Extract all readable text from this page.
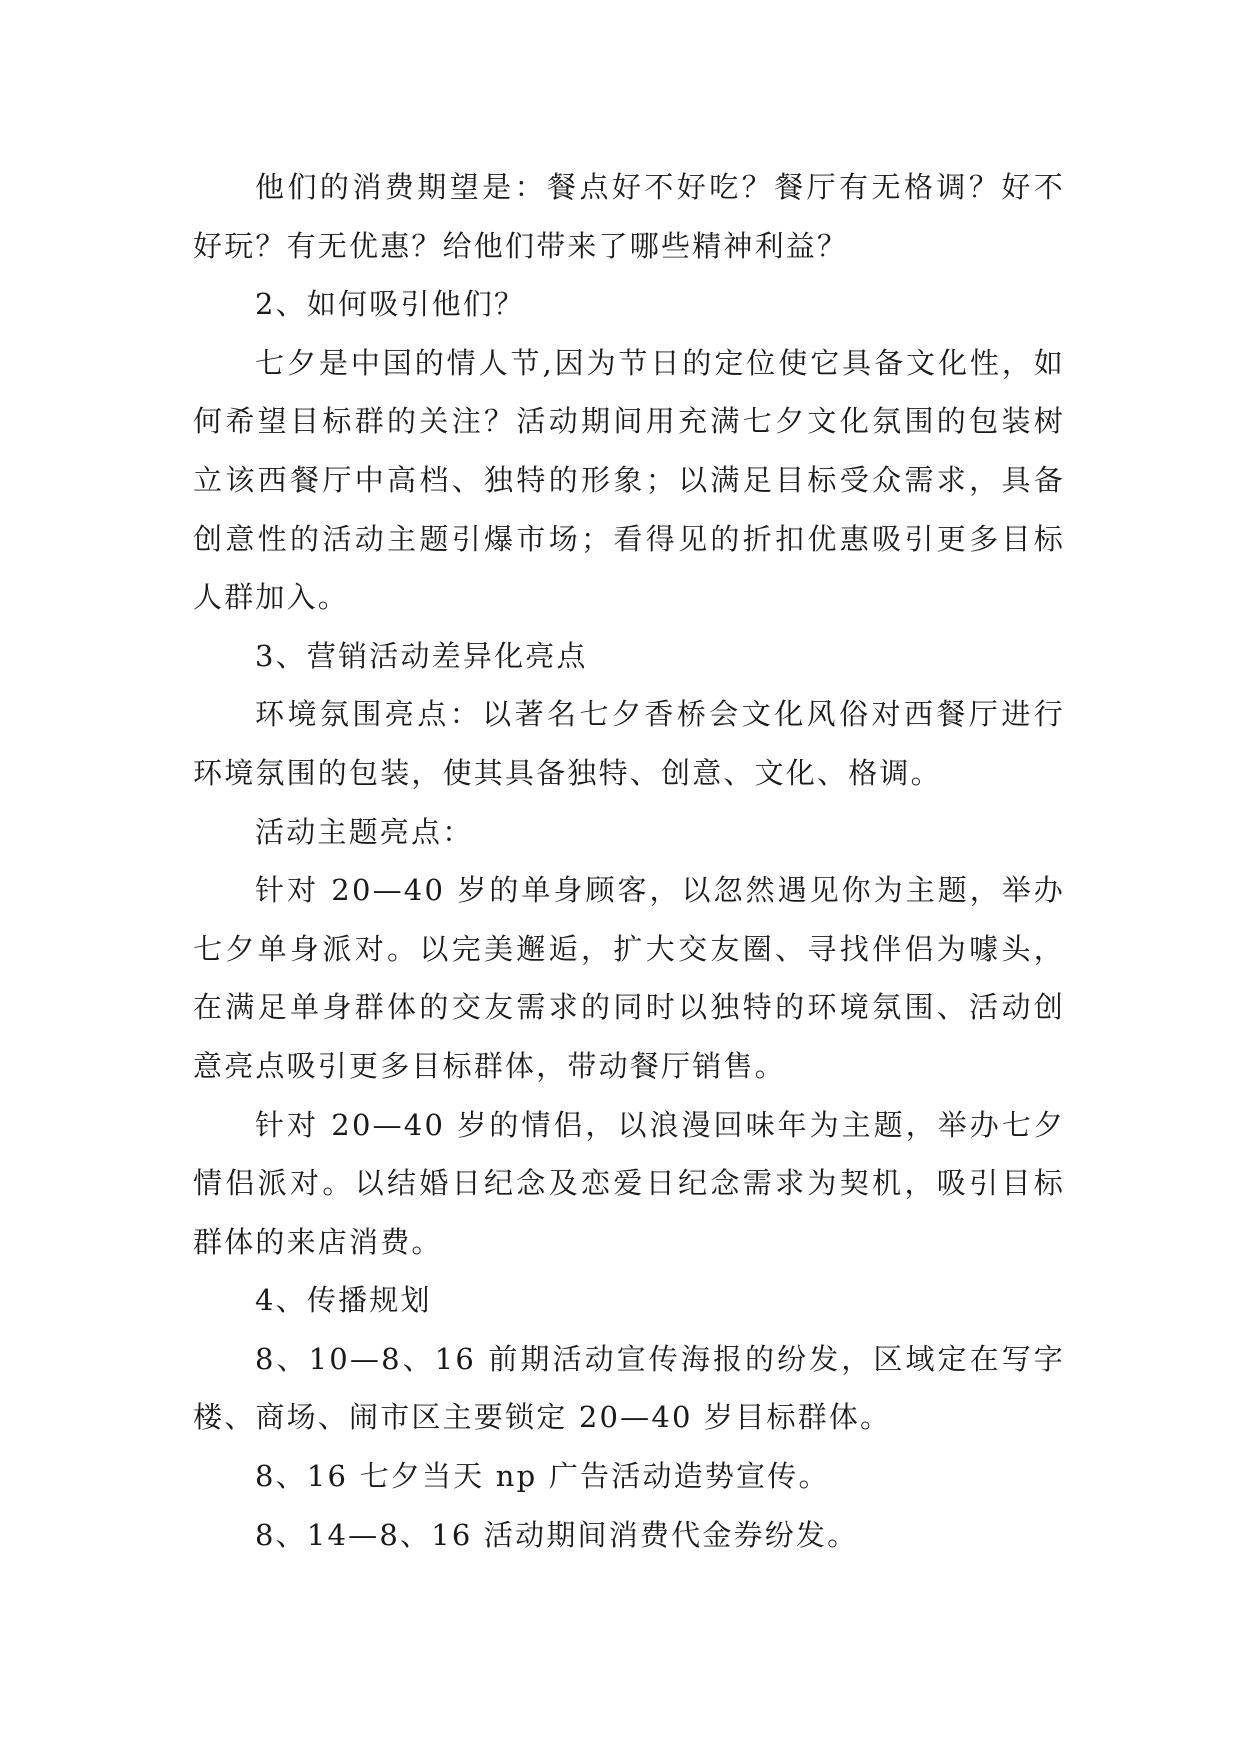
他们的消费期望是：餐点好不好吃？餐厅有无格调？好不好玩？有无优惠？给他们带来了哪些精神利益？

2、如何吸引他们？

七夕是中国的情人节,因为节日的定位使它具备文化性，如何希望目标群的关注？活动期间用充满七夕文化氛围的包装树立该西餐厅中高档、独特的形象；以满足目标受众需求，具备创意性的活动主题引爆市场；看得见的折扣优惠吸引更多目标人群加入。

3、营销活动差异化亮点

环境氛围亮点：以著名七夕香桥会文化风俗对西餐厅进行环境氛围的包装，使其具备独特、创意、文化、格调。

活动主题亮点：

针对 20—40 岁的单身顾客，以忽然遇见你为主题，举办七夕单身派对。以完美邂逅，扩大交友圈、寻找伴侣为噱头，在满足单身群体的交友需求的同时以独特的环境氛围、活动创意亮点吸引更多目标群体，带动餐厅销售。

针对 20—40 岁的情侣，以浪漫回味年为主题，举办七夕情侣派对。以结婚日纪念及恋爱日纪念需求为契机，吸引目标群体的来店消费。

4、传播规划

8、10—8、16 前期活动宣传海报的纷发，区域定在写字楼、商场、闹市区主要锁定 20—40 岁目标群体。

8、16 七夕当天 np 广告活动造势宣传。

8、14—8、16 活动期间消费代金券纷发。
